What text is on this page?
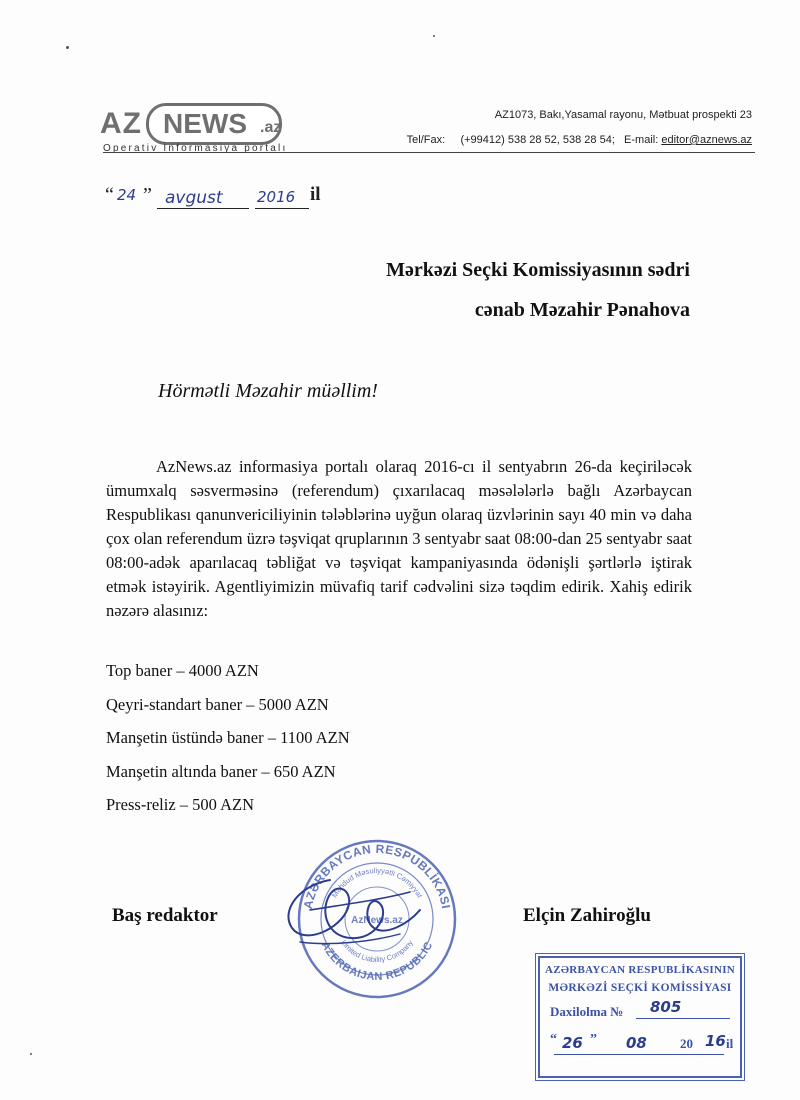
AZ NEWS .az
Operativ İnformasiya portalı
AZ1073, Bakı,Yasamal rayonu, Mətbuat prospekti 23
Tel/Fax: (+99412) 538 28 52, 538 28 54; E-mail: editor@aznews.az
“ 24 ” avgust 2016 il
Mərkəzi Seçki Komissiyasının sədri
cənab Məzahir Pənahova
Hörmətli Məzahir müəllim!

AzNews.az informasiya portalı olaraq 2016-cı il sentyabrın 26-da keçiriləcək ümumxalq səsverməsinə (referendum) çıxarılacaq məsələlərlə bağlı Azərbaycan Respublikası qanunvericiliyinin tələblərinə uyğun olaraq üzvlərinin sayı 40 min və daha çox olan referendum üzrə təşviqat qruplarının 3 sentyabr saat 08:00-dan 25 sentyabr saat 08:00-adək aparılacaq təbliğat və təşviqat kampaniyasında ödənişli şərtlərlə iştirak etmək istəyirik. Agentliyimizin müvafiq tarif cədvəlini sizə təqdim edirik. Xahiş edirik nəzərə alasınız:

Top baner – 4000 AZN
Qeyri-standart baner – 5000 AZN
Manşetin üstündə baner – 1100 AZN
Manşetin altında baner – 650 AZN
Press-reliz – 500 AZN
AZƏRBAYCAN RESPUBLİKASI
AZERBAIJAN REPUBLIC
Məhdud Məsuliyyətli Cəmiyyət
Limited Liability Company
AzNews.az
Baş redaktor	Elçin Zahiroğlu
AZƏRBAYCAN RESPUBLİKASININ
MƏRKƏZİ SEÇKİ KOMİSSİYASI
Daxilolma № 805
“ 26 ” 08	20 16 il
